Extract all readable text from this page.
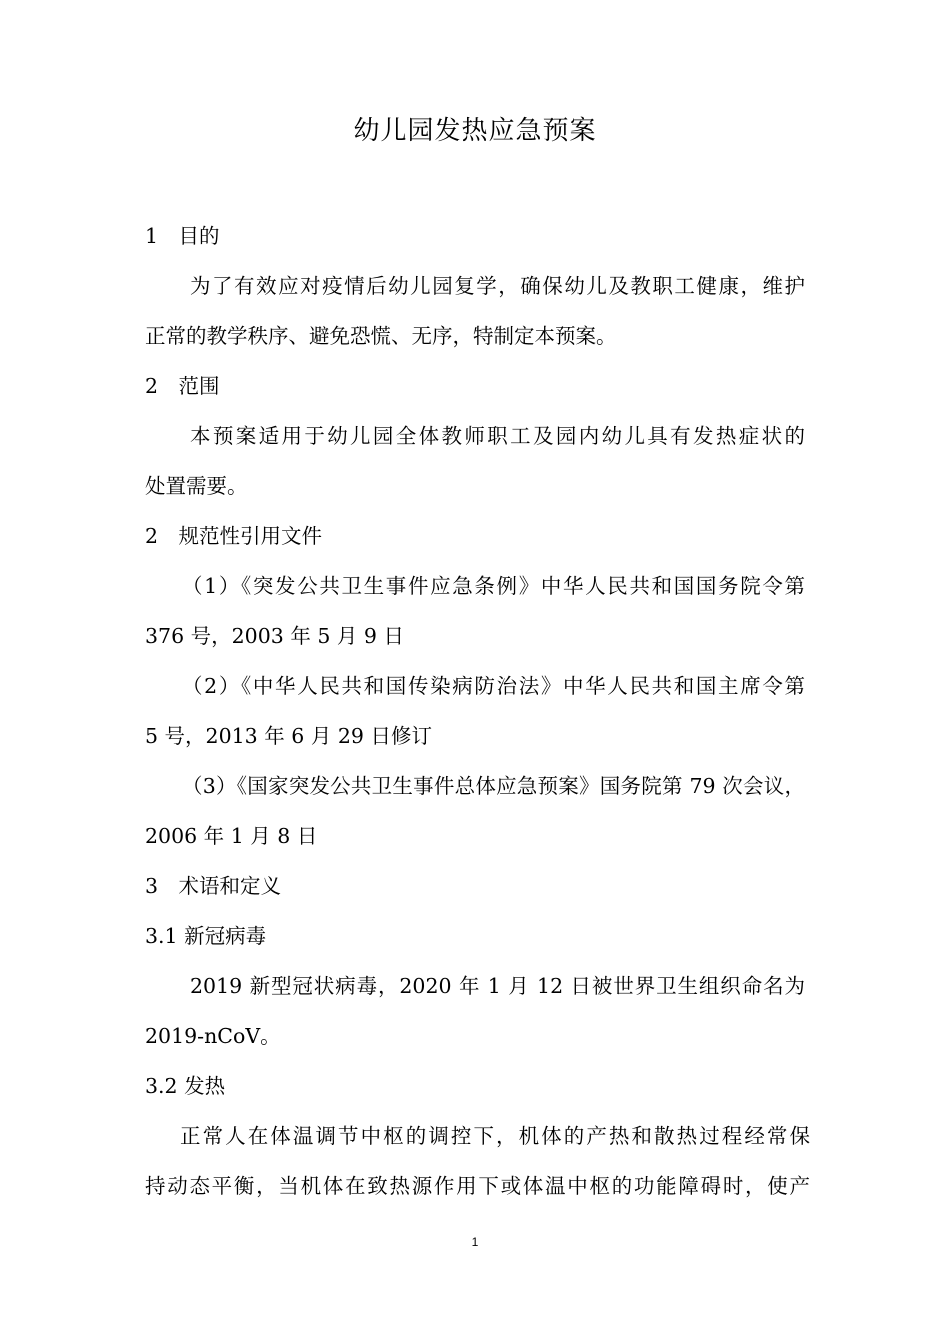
幼儿园发热应急预案
1　目的
为了有效应对疫情后幼儿园复学，确保幼儿及教职工健康，维护
正常的教学秩序、避免恐慌、无序，特制定本预案。
2　范围
本预案适用于幼儿园全体教师职工及园内幼儿具有发热症状的
处置需要。
2　规范性引用文件
（1）《突发公共卫生事件应急条例》中华人民共和国国务院令第
376 号，2003 年 5 月 9 日
（2）《中华人民共和国传染病防治法》中华人民共和国主席令第
5 号，2013 年 6 月 29 日修订
（3）《国家突发公共卫生事件总体应急预案》国务院第 79 次会议，
2006 年 1 月 8 日
3　术语和定义
3.1 新冠病毒
2019 新型冠状病毒，2020 年 1 月 12 日被世界卫生组织命名为
2019-nCoV。
3.2 发热
正常人在体温调节中枢的调控下，机体的产热和散热过程经常保
持动态平衡，当机体在致热源作用下或体温中枢的功能障碍时，使产
1
